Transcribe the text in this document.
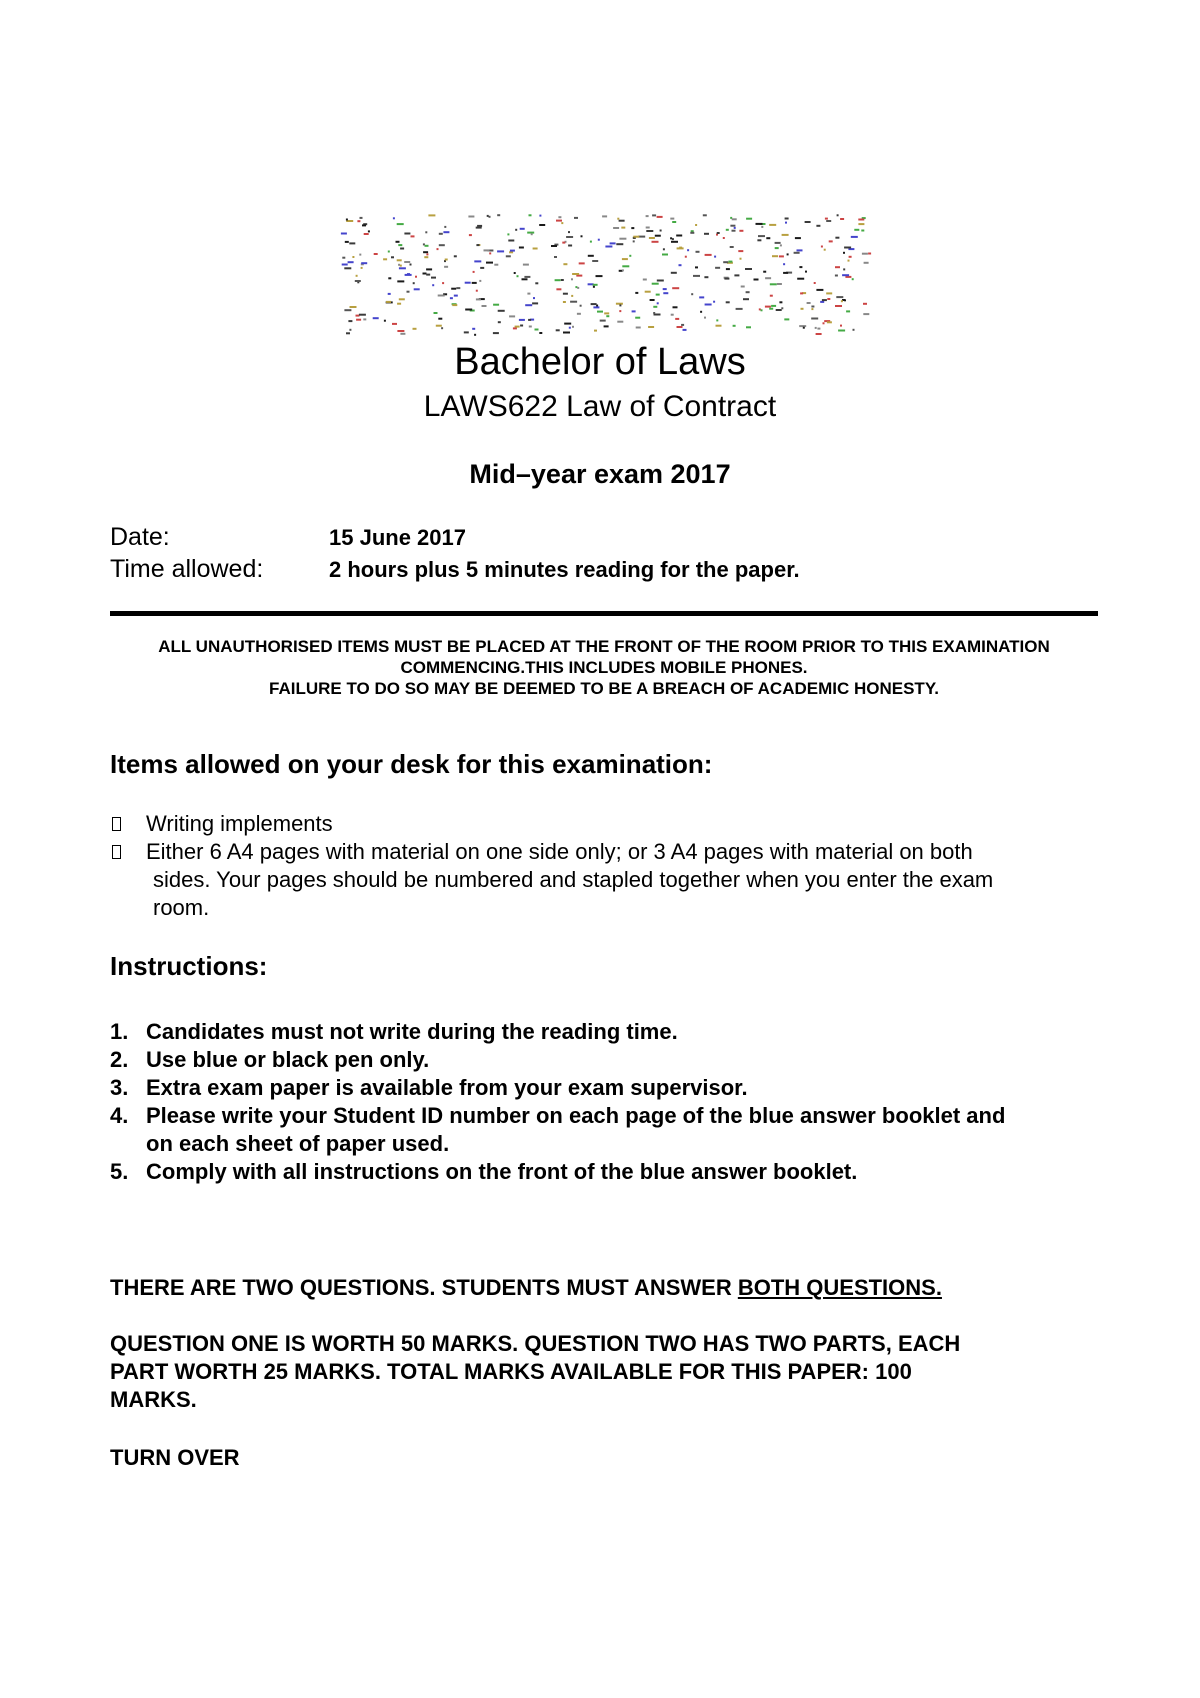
Bachelor of Laws
LAWS622 Law of Contract
Mid–year exam 2017
Date:	15 June 2017
Time allowed:	2 hours plus 5 minutes reading for the paper.
ALL UNAUTHORISED ITEMS MUST BE PLACED AT THE FRONT OF THE ROOM PRIOR TO THIS EXAMINATION
COMMENCING.THIS INCLUDES MOBILE PHONES.
FAILURE TO DO SO MAY BE DEEMED TO BE A BREACH OF ACADEMIC HONESTY.
Items allowed on your desk for this examination:
Writing implements
Either 6 A4 pages with material on one side only; or 3 A4 pages with material on both
sides. Your pages should be numbered and stapled together when you enter the exam
room.
Instructions:
1. Candidates must not write during the reading time.
2. Use blue or black pen only.
3. Extra exam paper is available from your exam supervisor.
4. Please write your Student ID number on each page of the blue answer booklet and
on each sheet of paper used.
5. Comply with all instructions on the front of the blue answer booklet.
THERE ARE TWO QUESTIONS. STUDENTS MUST ANSWER BOTH QUESTIONS.
QUESTION ONE IS WORTH 50 MARKS. QUESTION TWO HAS TWO PARTS, EACH
PART WORTH 25 MARKS. TOTAL MARKS AVAILABLE FOR THIS PAPER: 100
MARKS.
TURN OVER
